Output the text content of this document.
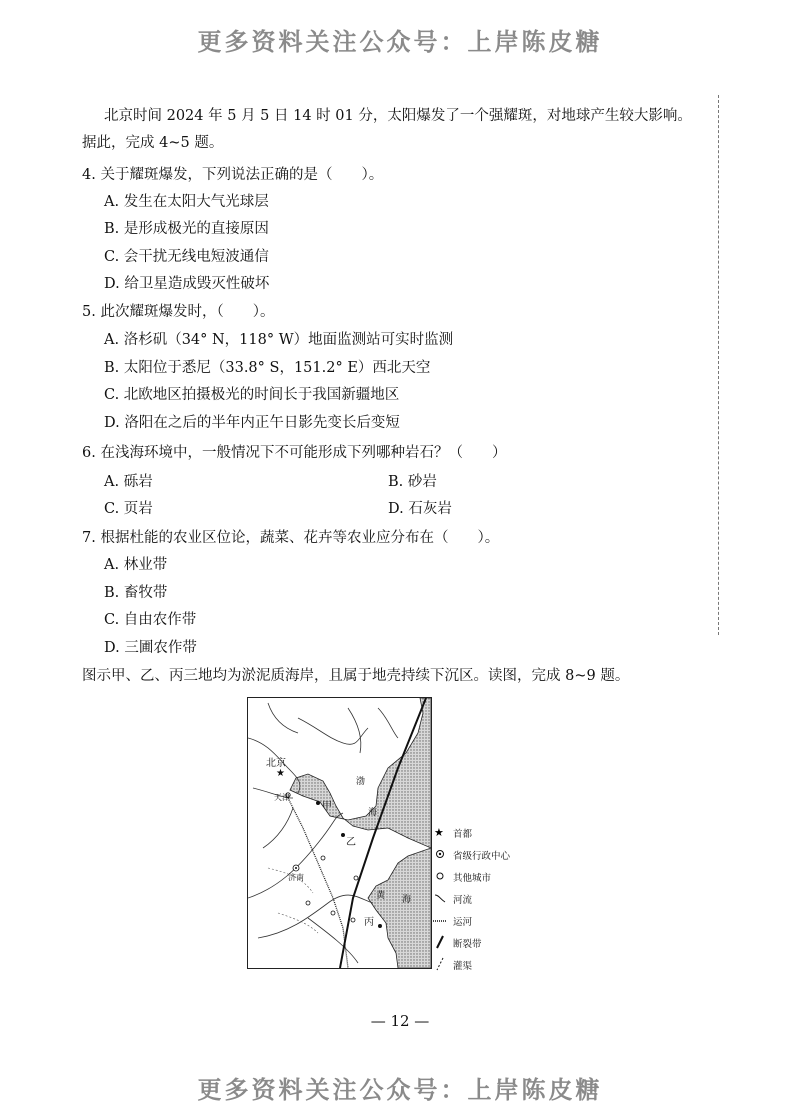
更多资料关注公众号：上岸陈皮糖
北京时间 2024 年 5 月 5 日 14 时 01 分，太阳爆发了一个强耀斑，对地球产生较大影响。
据此，完成 4~5 题。
4. 关于耀斑爆发，下列说法正确的是（　　）。
A. 发生在太阳大气光球层
B. 是形成极光的直接原因
C. 会干扰无线电短波通信
D. 给卫星造成毁灭性破坏
5. 此次耀斑爆发时，（　　）。
A. 洛杉矶（34° N，118° W）地面监测站可实时监测
B. 太阳位于悉尼（33.8° S，151.2° E）西北天空
C. 北欧地区拍摄极光的时间长于我国新疆地区
D. 洛阳在之后的半年内正午日影先变长后变短
6. 在浅海环境中，一般情况下不可能形成下列哪种岩石？（　　）
A. 砾岩	B. 砂岩
C. 页岩	D. 石灰岩
7. 根据杜能的农业区位论，蔬菜、花卉等农业应分布在（　　）。
A. 林业带
B. 畜牧带
C. 自由农作带
D. 三圃农作带
图示甲、乙、丙三地均为淤泥质海岸，且属于地壳持续下沉区。读图，完成 8~9 题。
★
北京
天津
甲
乙
丙
济南
渤
海
黄 海
★ 首都
省级行政中心
其他城市
河流
运河
断裂带
灌渠
— 12 —
更多资料关注公众号：上岸陈皮糖
